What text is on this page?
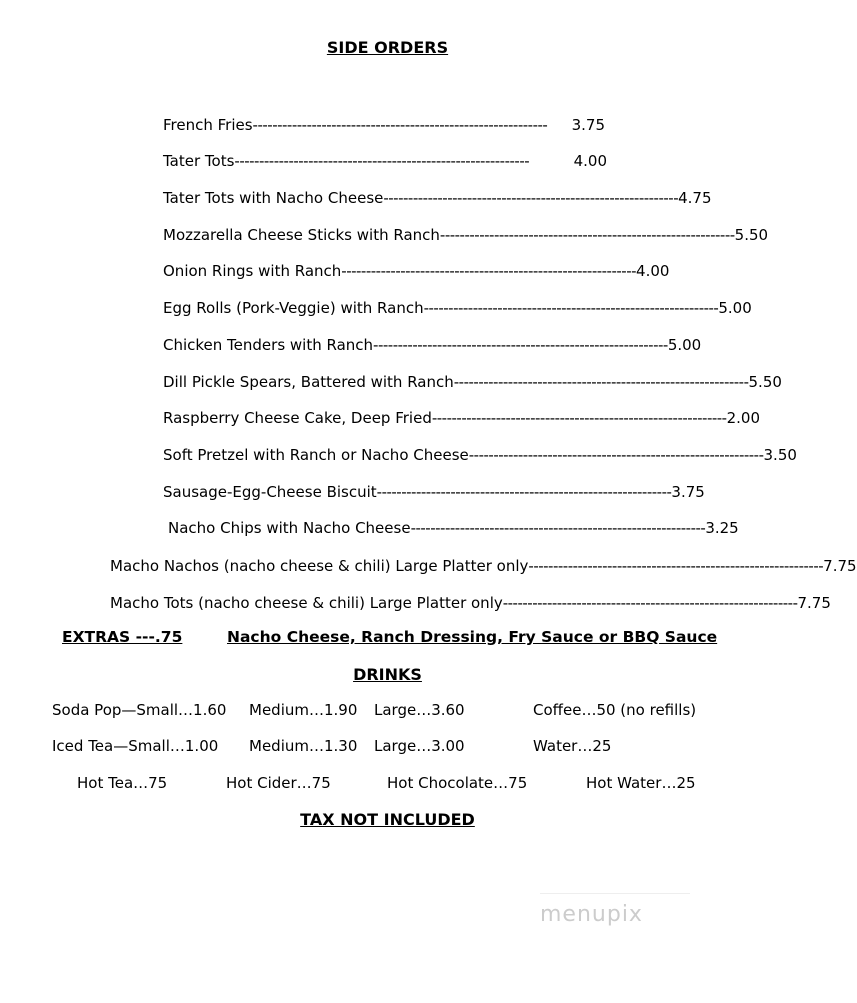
SIDE ORDERS
French Fries ------------------------------------------------------------	3.75
Tater Tots ------------------------------------------------------------	4.00
Tater Tots with Nacho Cheese ------------------------------------------------------------ 4.75
Mozzarella Cheese Sticks with Ranch ------------------------------------------------------------ 5.50
Onion Rings with Ranch ------------------------------------------------------------ 4.00
Egg Rolls (Pork-Veggie) with Ranch ------------------------------------------------------------ 5.00
Chicken Tenders with Ranch ------------------------------------------------------------ 5.00
Dill Pickle Spears, Battered with Ranch ------------------------------------------------------------ 5.50
Raspberry Cheese Cake, Deep Fried ------------------------------------------------------------ 2.00
Soft Pretzel with Ranch or Nacho Cheese ------------------------------------------------------------ 3.50
Sausage-Egg-Cheese Biscuit ------------------------------------------------------------ 3.75
Nacho Chips with Nacho Cheese ------------------------------------------------------------ 3.25
Macho Nachos (nacho cheese & chili) Large Platter only ------------------------------------------------------------ 7.75
Macho Tots (nacho cheese & chili) Large Platter only ------------------------------------------------------------ 7.75
EXTRAS ---.75	Nacho Cheese, Ranch Dressing, Fry Sauce or BBQ Sauce
DRINKS
Soda Pop—Small…1.60 Medium…1.90 Large…3.60	Coffee…50 (no refills)
Iced Tea—Small…1.00 Medium…1.30 Large…3.00	Water…25
Hot Tea…75	Hot Cider…75	Hot Chocolate…75	Hot Water…25
TAX NOT INCLUDED
menupix
